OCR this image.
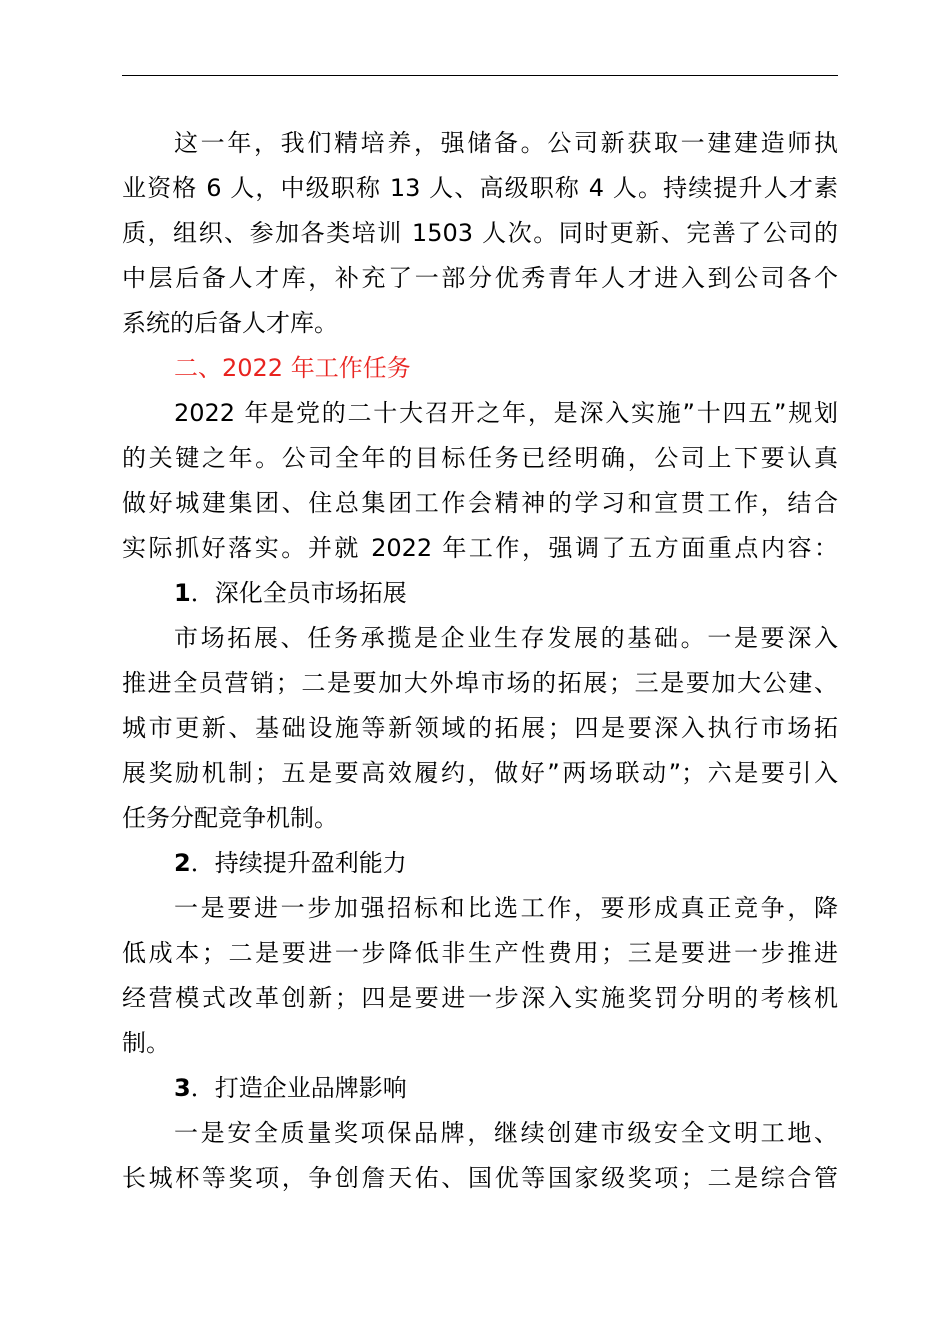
这一年，我们精培养，强储备。公司新获取一建建造师执
业资格 6 人，中级职称 13 人、高级职称 4 人。持续提升人才素
质，组织、参加各类培训 1503 人次。同时更新、完善了公司的
中层后备人才库，补充了一部分优秀青年人才进入到公司各个
系统的后备人才库。
二、2022 年工作任务
2022 年是党的二十大召开之年，是深入实施”十四五”规划
的关键之年。公司全年的目标任务已经明确，公司上下要认真
做好城建集团、住总集团工作会精神的学习和宣贯工作，结合
实际抓好落实。并就 2022 年工作，强调了五方面重点内容：
1．深化全员市场拓展
市场拓展、任务承揽是企业生存发展的基础。一是要深入
推进全员营销；二是要加大外埠市场的拓展；三是要加大公建、
城市更新、基础设施等新领域的拓展；四是要深入执行市场拓
展奖励机制；五是要高效履约，做好”两场联动”；六是要引入
任务分配竞争机制。
2．持续提升盈利能力
一是要进一步加强招标和比选工作，要形成真正竞争，降
低成本；二是要进一步降低非生产性费用；三是要进一步推进
经营模式改革创新；四是要进一步深入实施奖罚分明的考核机
制。
3．打造企业品牌影响
一是安全质量奖项保品牌，继续创建市级安全文明工地、
长城杯等奖项，争创詹天佑、国优等国家级奖项；二是综合管
